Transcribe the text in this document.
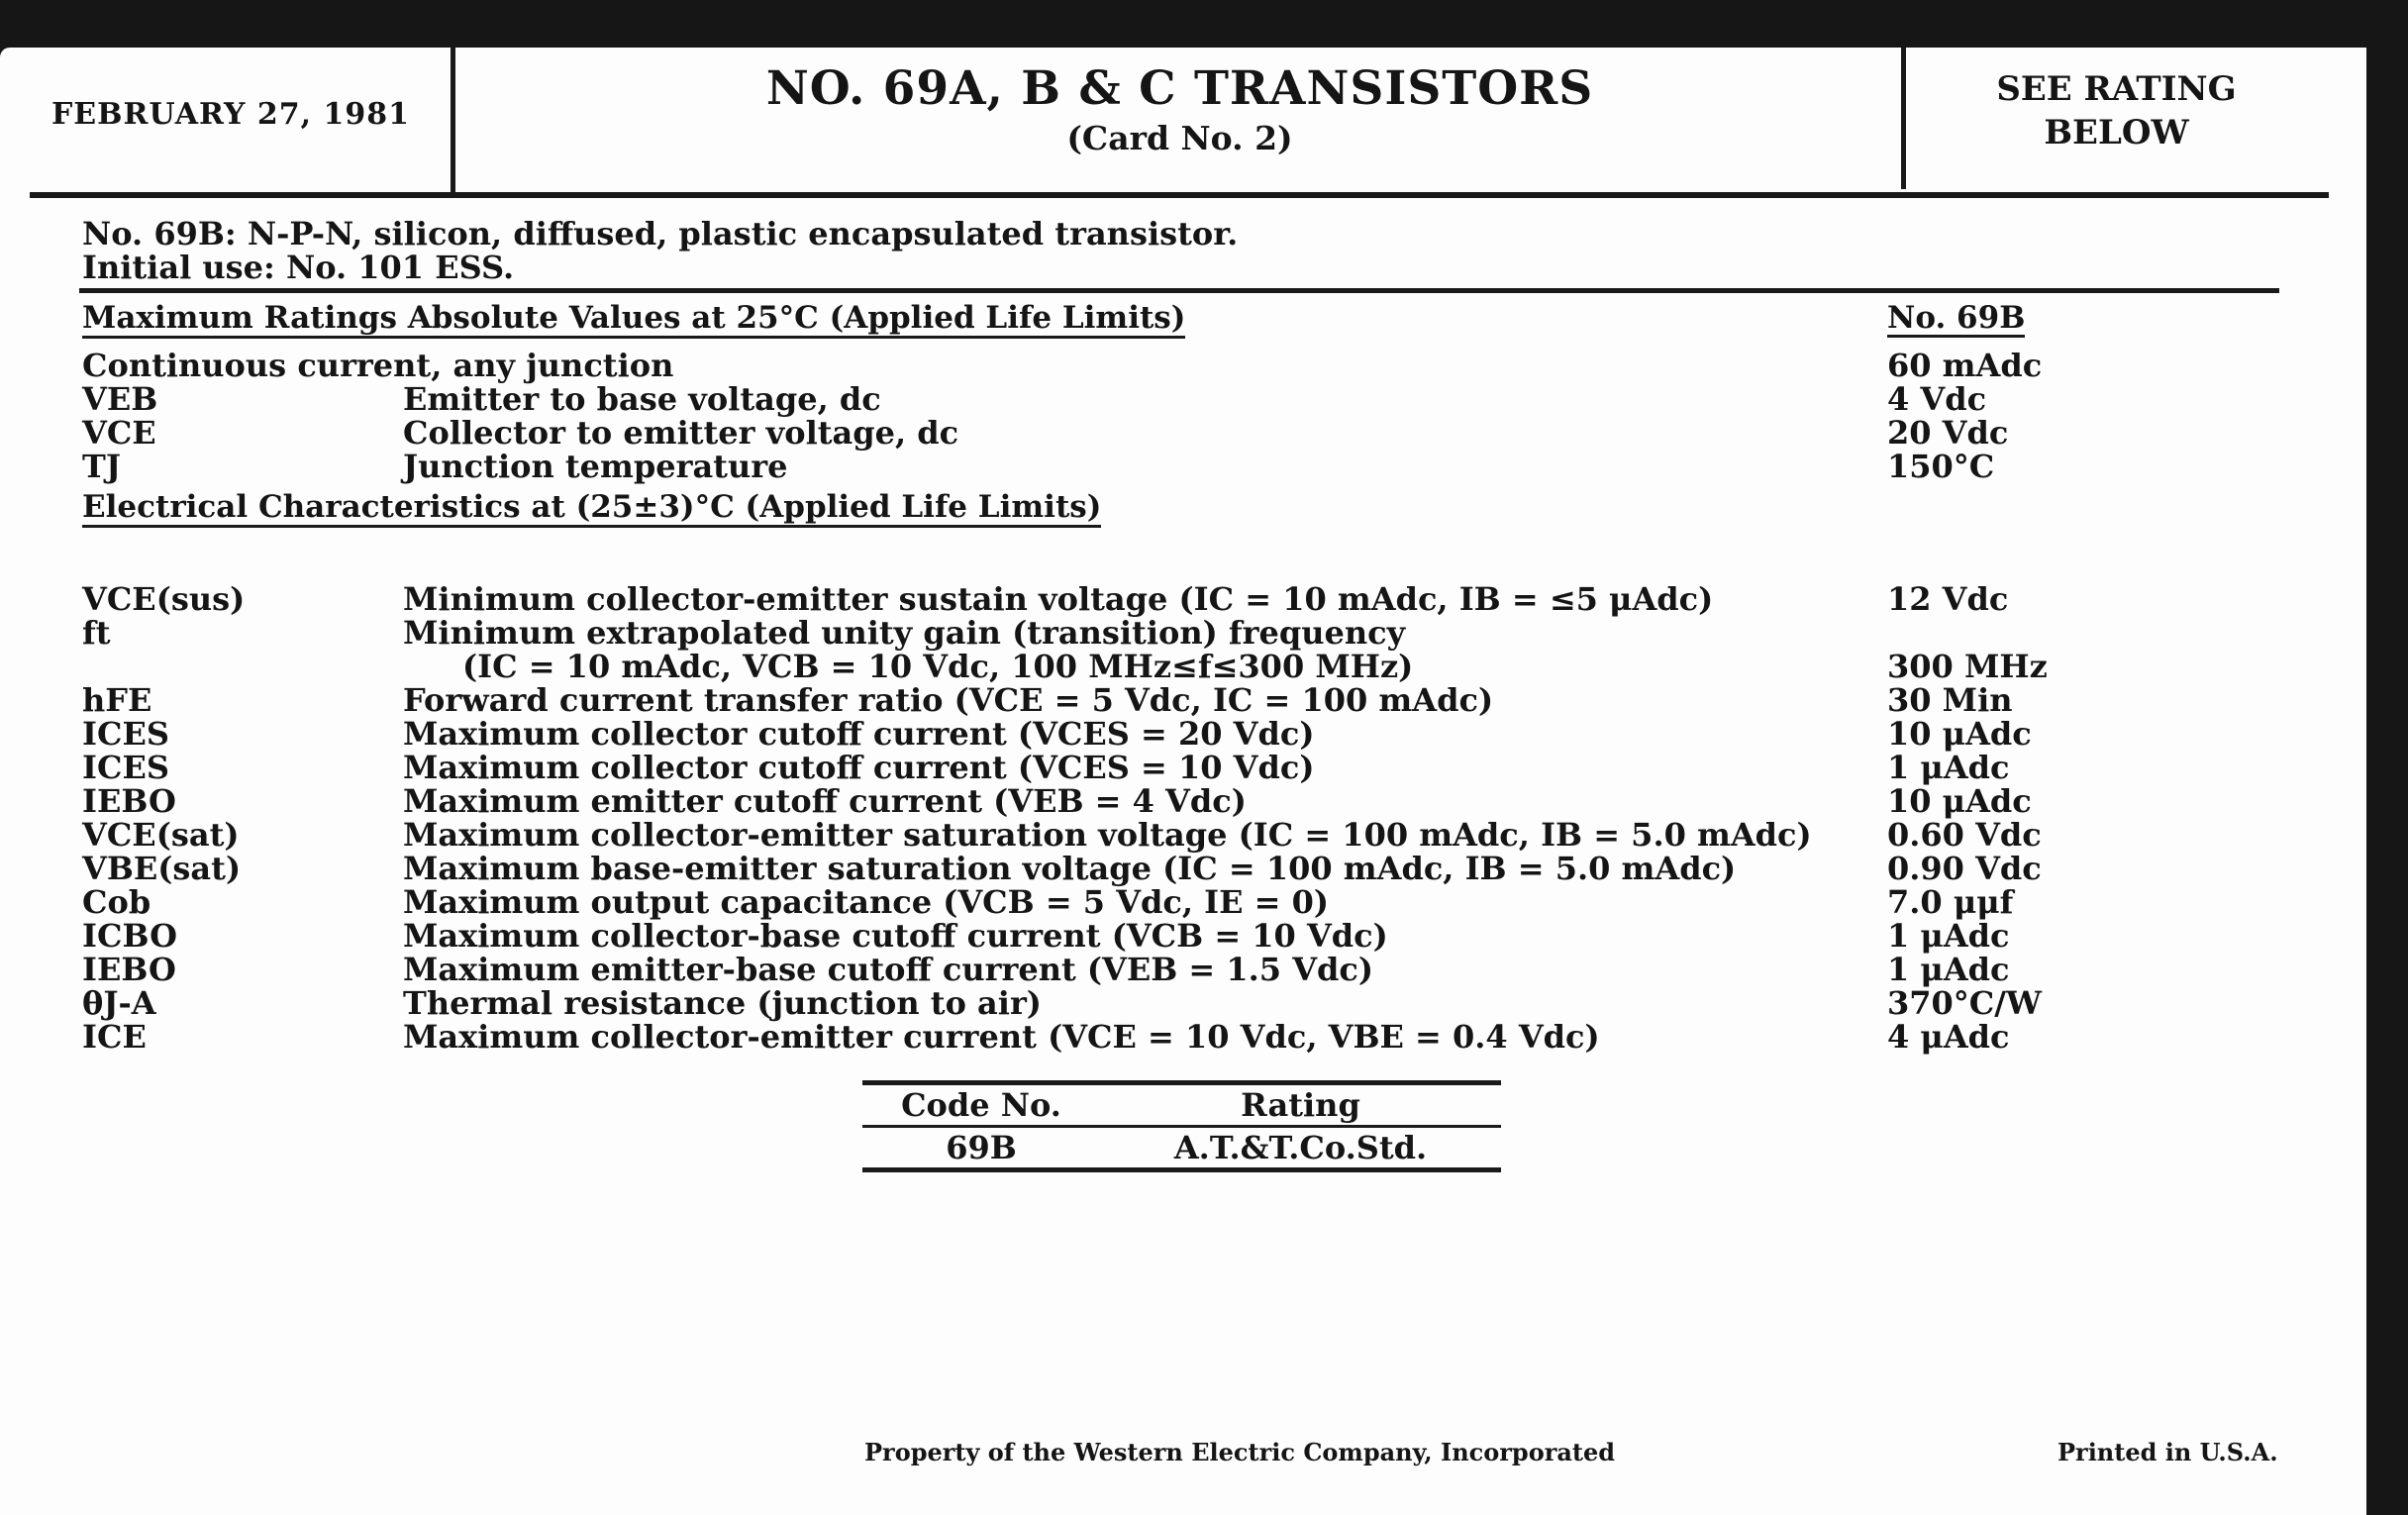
FEBRUARY 27, 1981	NO. 69A, B & C TRANSISTORS
(Card No. 2)
SEE RATING
BELOW
No. 69B: N-P-N, silicon, diffused, plastic encapsulated transistor.
Initial use: No. 101 ESS.
Maximum Ratings Absolute Values at 25°C (Applied Life Limits)	No. 69B
Continuous current, any junction	60 mAdc
VEB	Emitter to base voltage, dc	4 Vdc
VCE	Collector to emitter voltage, dc	20 Vdc
TJ	Junction temperature	150°C
Electrical Characteristics at (25±3)°C (Applied Life Limits)
VCE(sus)	Minimum collector-emitter sustain voltage (IC = 10 mAdc, IB = ≤5 μAdc)	12 Vdc
ft	Minimum extrapolated unity gain (transition) frequency
(IC = 10 mAdc, VCB = 10 Vdc, 100 MHz≤f≤300 MHz)	300 MHz
hFE	Forward current transfer ratio (VCE = 5 Vdc, IC = 100 mAdc)	30 Min
ICES	Maximum collector cutoff current (VCES = 20 Vdc)	10 μAdc
ICES	Maximum collector cutoff current (VCES = 10 Vdc)	1 μAdc
IEBO	Maximum emitter cutoff current (VEB = 4 Vdc)	10 μAdc
VCE(sat)	Maximum collector-emitter saturation voltage (IC = 100 mAdc, IB = 5.0 mAdc) 0.60 Vdc
VBE(sat)	Maximum base-emitter saturation voltage (IC = 100 mAdc, IB = 5.0 mAdc)	0.90 Vdc
Cob	Maximum output capacitance (VCB = 5 Vdc, IE = 0)	7.0 μμf
ICBO	Maximum collector-base cutoff current (VCB = 10 Vdc)	1 μAdc
IEBO	Maximum emitter-base cutoff current (VEB = 1.5 Vdc)	1 μAdc
θJ-A	Thermal resistance (junction to air)	370°C/W
ICE	Maximum collector-emitter current (VCE = 10 Vdc, VBE = 0.4 Vdc)	4 μAdc
Code No.	Rating
69B	A.T.&T.Co.Std.
Property of the Western Electric Company, Incorporated	Printed in U.S.A.
